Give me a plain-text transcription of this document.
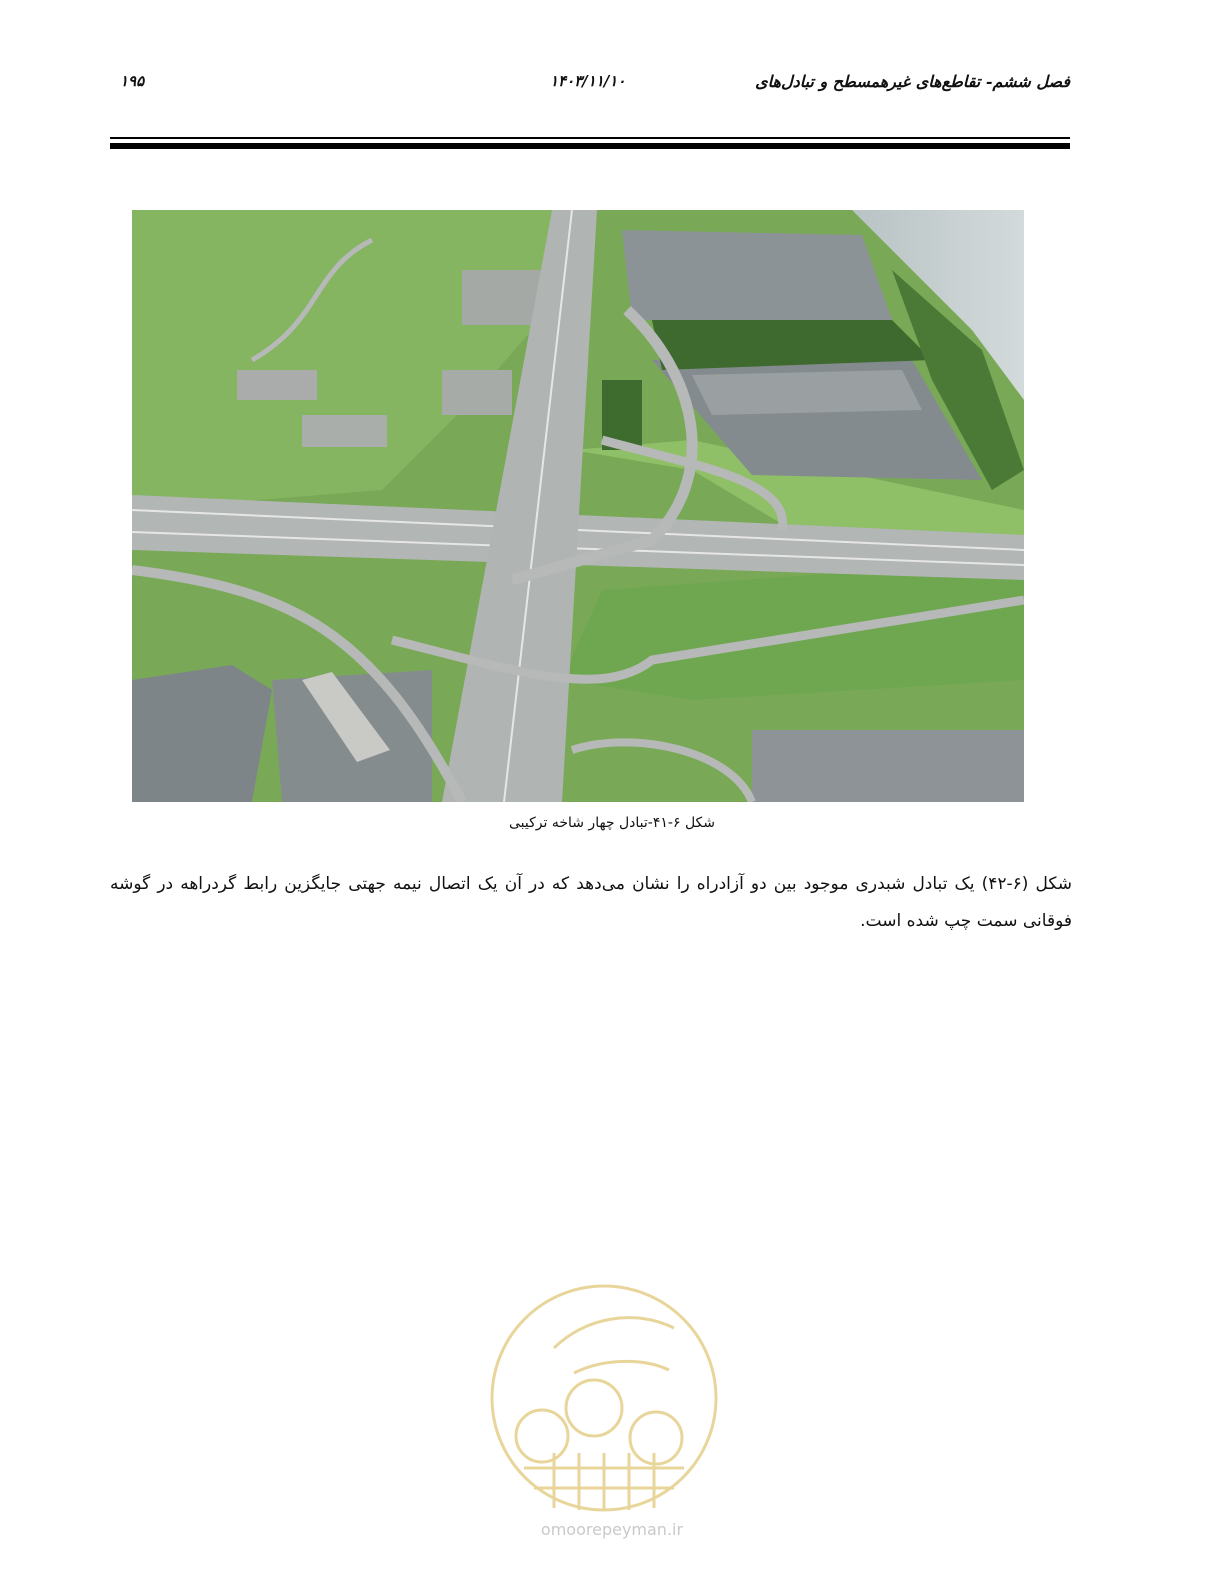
فصل ششم- تقاطع‌های غیرهمسطح و تبادل‌های
۱۴۰۳/۱۱/۱۰
۱۹۵
شکل ۶-۴۱-تبادل چهار شاخه ترکیبی
شکل (۶-۴۲) یک تبادل شبدری موجود بین دو آزادراه را نشان می‌دهد که در آن یک اتصال نیمه جهتی جایگزین رابط گردراهه در گوشه فوقانی سمت چپ شده است.
omoorepeyman.ir
